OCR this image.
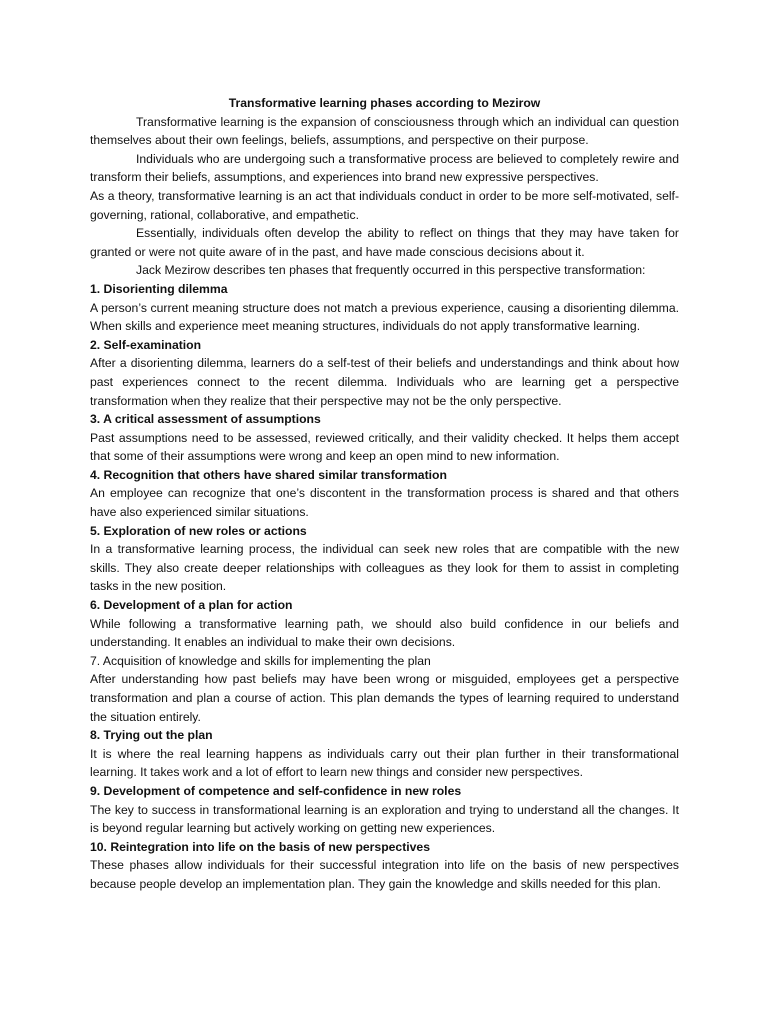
Transformative learning phases according to Mezirow

Transformative learning is the expansion of consciousness through which an individual can question themselves about their own feelings, beliefs, assumptions, and perspective on their purpose.

Individuals who are undergoing such a transformative process are believed to completely rewire and transform their beliefs, assumptions, and experiences into brand new expressive perspectives.

As a theory, transformative learning is an act that individuals conduct in order to be more self-motivated, self-governing, rational, collaborative, and empathetic.

Essentially, individuals often develop the ability to reflect on things that they may have taken for granted or were not quite aware of in the past, and have made conscious decisions about it.

Jack Mezirow describes ten phases that frequently occurred in this perspective transformation:

1. Disorienting dilemma

A person’s current meaning structure does not match a previous experience, causing a disorienting dilemma. When skills and experience meet meaning structures, individuals do not apply transformative learning.

2. Self-examination

After a disorienting dilemma, learners do a self-test of their beliefs and understandings and think about how past experiences connect to the recent dilemma. Individuals who are learning get a perspective transformation when they realize that their perspective may not be the only perspective.

3. A critical assessment of assumptions

Past assumptions need to be assessed, reviewed critically, and their validity checked. It helps them accept that some of their assumptions were wrong and keep an open mind to new information.

4. Recognition that others have shared similar transformation

An employee can recognize that one’s discontent in the transformation process is shared and that others have also experienced similar situations.

5. Exploration of new roles or actions

In a transformative learning process, the individual can seek new roles that are compatible with the new skills. They also create deeper relationships with colleagues as they look for them to assist in completing tasks in the new position.

6. Development of a plan for action

While following a transformative learning path, we should also build confidence in our beliefs and understanding. It enables an individual to make their own decisions.

7. Acquisition of knowledge and skills for implementing the plan

After understanding how past beliefs may have been wrong or misguided, employees get a perspective transformation and plan a course of action. This plan demands the types of learning required to understand the situation entirely.

8. Trying out the plan

It is where the real learning happens as individuals carry out their plan further in their transformational learning. It takes work and a lot of effort to learn new things and consider new perspectives.

9. Development of competence and self-confidence in new roles

The key to success in transformational learning is an exploration and trying to understand all the changes. It is beyond regular learning but actively working on getting new experiences.

10. Reintegration into life on the basis of new perspectives

These phases allow individuals for their successful integration into life on the basis of new perspectives because people develop an implementation plan. They gain the knowledge and skills needed for this plan.
